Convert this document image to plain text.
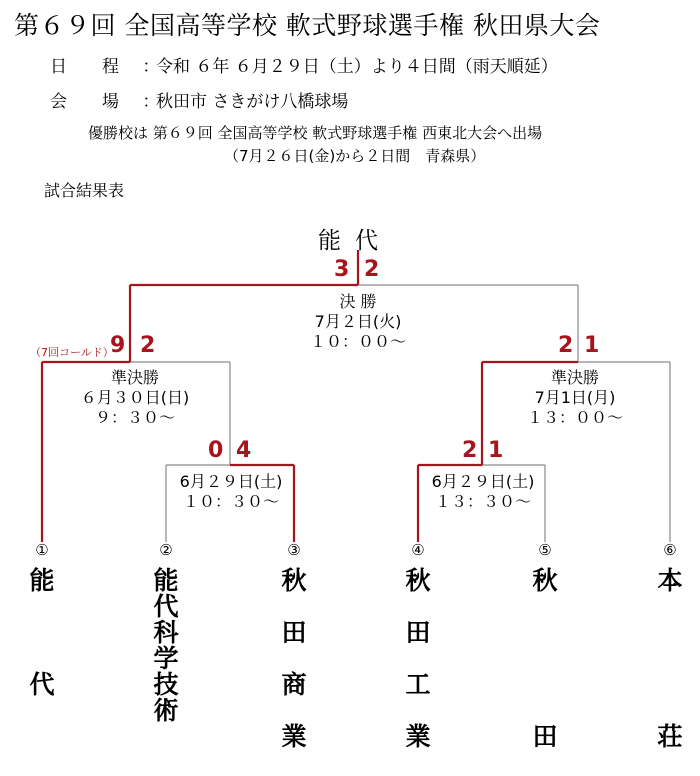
第６９回 全国高等学校 軟式野球選手権 秋田県大会
日　程 ：
令和 ６年 ６月２９日（土）より４日間（雨天順延）
会　場 ：
秋田市 さきがけ八橋球場
優勝校は 第６９回 全国高等学校 軟式野球選手権 西東北大会へ出場
（7月２６日(金)から２日間　青森県）
試合結果表
能代
3 2
決 勝
7月２日(火)
１０：００～
（7回コールド）
9 2
準決勝
６月３０日(日)
９：３０～
2 1
準決勝
7月1日(月)
１３：００～
0 4
6月２９日(土)
１０：３０～
2 1
6月２９日(土)
１３：３０～
①
能

代
②
能
代
科
学
技
術
③
秋

田

商

業
④
秋

田

工

業
⑤
秋

田
⑥
本

荘
